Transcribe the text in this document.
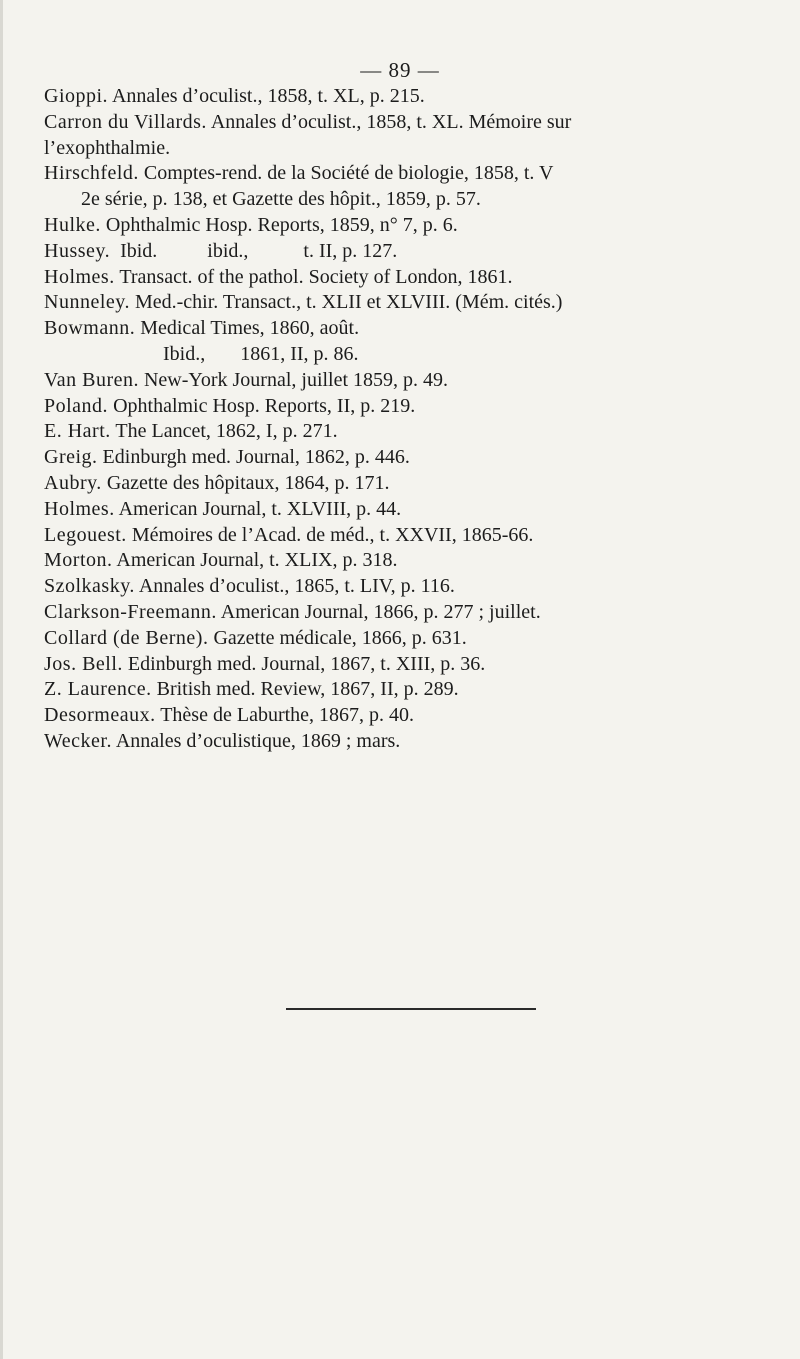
— 89 —
Gioppi. Annales d’oculist., 1858, t. XL, p. 215.
Carron du Villards. Annales d’oculist., 1858, t. XL. Mémoire sur
l’exophthalmie.
Hirschfeld. Comptes-rend. de la Société de biologie, 1858, t. V
2e série, p. 138, et Gazette des hôpit., 1859, p. 57.
Hulke. Ophthalmic Hosp. Reports, 1859, n° 7, p. 6.
Hussey.  Ibid.          ibid.,           t. II, p. 127.
Holmes. Transact. of the pathol. Society of London, 1861.
Nunneley. Med.-chir. Transact., t. XLII et XLVIII. (Mém. cités.)
Bowmann. Medical Times, 1860, août.
Ibid.,       1861, II, p. 86.
Van Buren. New-York Journal, juillet 1859, p. 49.
Poland. Ophthalmic Hosp. Reports, II, p. 219.
E. Hart. The Lancet, 1862, I, p. 271.
Greig. Edinburgh med. Journal, 1862, p. 446.
Aubry. Gazette des hôpitaux, 1864, p. 171.
Holmes. American Journal, t. XLVIII, p. 44.
Legouest. Mémoires de l’Acad. de méd., t. XXVII, 1865-66.
Morton. American Journal, t. XLIX, p. 318.
Szolkasky. Annales d’oculist., 1865, t. LIV, p. 116.
Clarkson-Freemann. American Journal, 1866, p. 277 ; juillet.
Collard (de Berne). Gazette médicale, 1866, p. 631.
Jos. Bell. Edinburgh med. Journal, 1867, t. XIII, p. 36.
Z. Laurence. British med. Review, 1867, II, p. 289.
Desormeaux. Thèse de Laburthe, 1867, p. 40.
Wecker. Annales d’oculistique, 1869 ; mars.
